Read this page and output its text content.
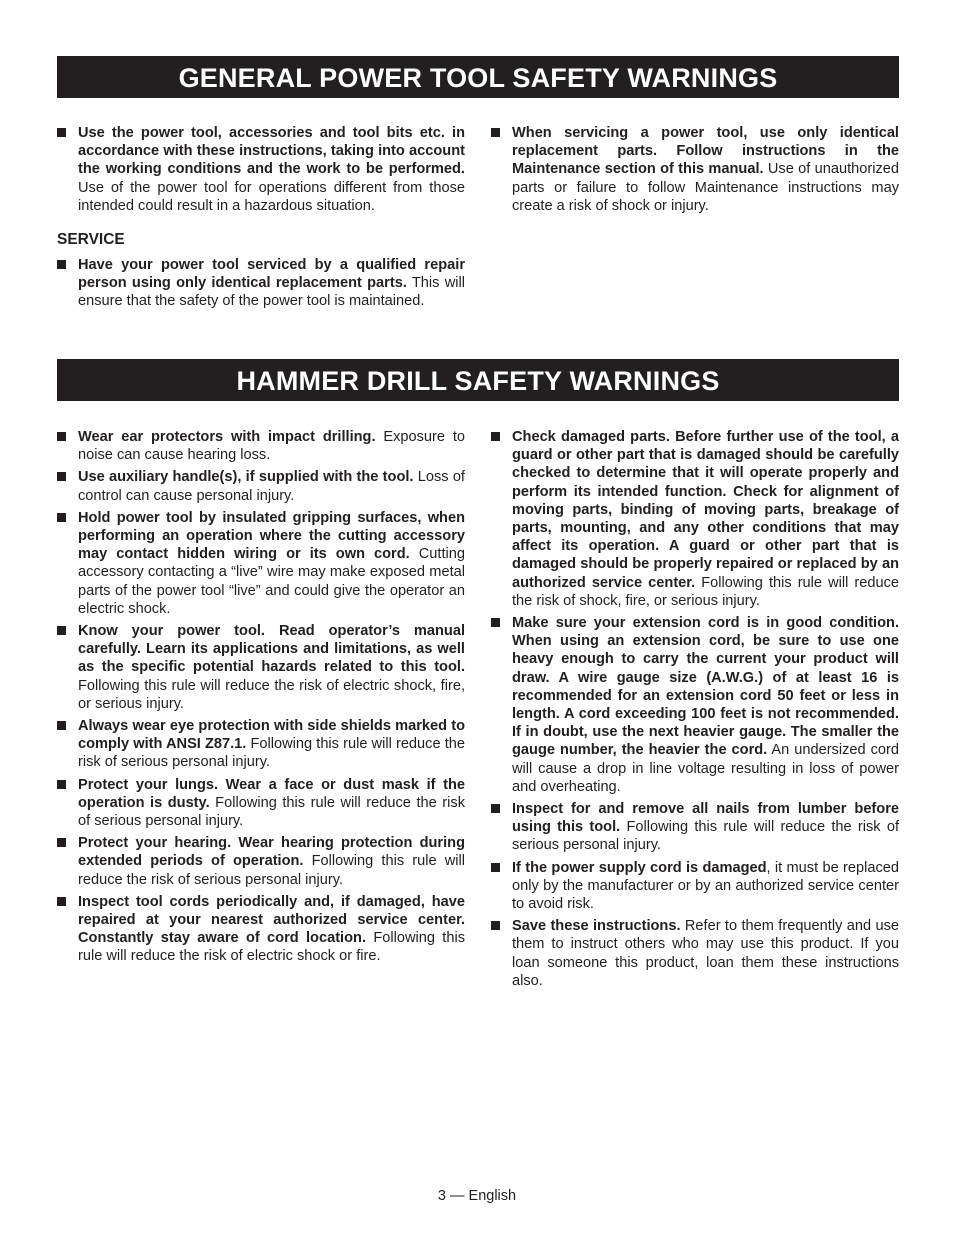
GENERAL POWER TOOL SAFETY WARNINGS

Use the power tool, accessories and tool bits etc. in accordance with these instructions, taking into account the working conditions and the work to be performed. Use of the power tool for operations different from those intended could result in a hazardous situation.

SERVICE

Have your power tool serviced by a qualified repair person using only identical replacement parts. This will ensure that the safety of the power tool is maintained.

When servicing a power tool, use only identical replacement parts. Follow instructions in the Maintenance section of this manual. Use of unauthorized parts or failure to follow Maintenance instructions may create a risk of shock or injury.

HAMMER DRILL SAFETY WARNINGS

Wear ear protectors with impact drilling. Exposure to noise can cause hearing loss.

Use auxiliary handle(s), if supplied with the tool. Loss of control can cause personal injury.

Hold power tool by insulated gripping surfaces, when performing an operation where the cutting accessory may contact hidden wiring or its own cord. Cutting accessory contacting a “live” wire may make exposed metal parts of the power tool “live” and could give the operator an electric shock.

Know your power tool. Read operator’s manual carefully. Learn its applications and limitations, as well as the specific potential hazards related to this tool. Following this rule will reduce the risk of electric shock, fire, or serious injury.

Always wear eye protection with side shields marked to comply with ANSI Z87.1. Following this rule will reduce the risk of serious personal injury.

Protect your lungs. Wear a face or dust mask if the operation is dusty. Following this rule will reduce the risk of serious personal injury.

Protect your hearing. Wear hearing protection during extended periods of operation. Following this rule will reduce the risk of serious personal injury.

Inspect tool cords periodically and, if damaged, have repaired at your nearest authorized service center. Constantly stay aware of cord location. Following this rule will reduce the risk of electric shock or fire.

Check damaged parts. Before further use of the tool, a guard or other part that is damaged should be carefully checked to determine that it will operate properly and perform its intended function. Check for alignment of moving parts, binding of moving parts, breakage of parts, mounting, and any other conditions that may affect its operation. A guard or other part that is damaged should be properly repaired or replaced by an authorized service center. Following this rule will reduce the risk of shock, fire, or serious injury.

Make sure your extension cord is in good condition. When using an extension cord, be sure to use one heavy enough to carry the current your product will draw. A wire gauge size (A.W.G.) of at least 16 is recommended for an extension cord 50 feet or less in length. A cord exceeding 100 feet is not recommended. If in doubt, use the next heavier gauge. The smaller the gauge number, the heavier the cord. An undersized cord will cause a drop in line voltage resulting in loss of power and overheating.

Inspect for and remove all nails from lumber before using this tool. Following this rule will reduce the risk of serious personal injury.

If the power supply cord is damaged, it must be replaced only by the manufacturer or by an authorized service center to avoid risk.

Save these instructions. Refer to them frequently and use them to instruct others who may use this product. If you loan someone this product, loan them these instructions also.

3 — English
